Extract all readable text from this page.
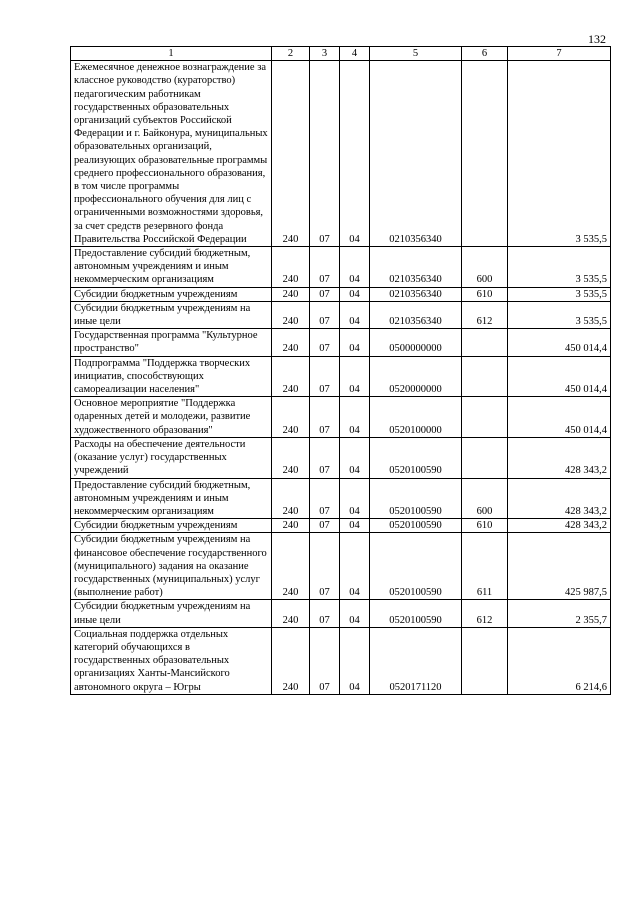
132
1	2	3	4	5	6	7
Ежемесячное денежное вознаграждение за классное руководство (кураторство) педагогическим работникам государственных образовательных организаций субъектов Российской Федерации и г. Байконура, муниципальных образовательных организаций, реализующих образовательные программы среднего профессионального образования, в том числе программы профессионального обучения для лиц с ограниченными возможностями здоровья, за счет средств резервного фонда Правительства Российской Федерации	240	07	04	0210356340		3 535,5
Предоставление субсидий бюджетным, автономным учреждениям и иным некоммерческим организациям	240	07	04	0210356340	600	3 535,5
Субсидии бюджетным учреждениям	240	07	04	0210356340	610	3 535,5
Субсидии бюджетным учреждениям на иные цели	240	07	04	0210356340	612	3 535,5
Государственная программа "Культурное пространство"	240	07	04	0500000000		450 014,4
Подпрограмма "Поддержка творческих инициатив, способствующих самореализации населения"	240	07	04	0520000000		450 014,4
Основное мероприятие "Поддержка одаренных детей и молодежи, развитие художественного образования"	240	07	04	0520100000		450 014,4
Расходы на обеспечение деятельности (оказание услуг) государственных учреждений	240	07	04	0520100590		428 343,2
Предоставление субсидий бюджетным, автономным учреждениям и иным некоммерческим организациям	240	07	04	0520100590	600	428 343,2
Субсидии бюджетным учреждениям	240	07	04	0520100590	610	428 343,2
Субсидии бюджетным учреждениям на финансовое обеспечение государственного (муниципального) задания на оказание государственных (муниципальных) услуг (выполнение работ)	240	07	04	0520100590	611	425 987,5
Субсидии бюджетным учреждениям на иные цели	240	07	04	0520100590	612	2 355,7
Социальная поддержка отдельных категорий обучающихся в государственных образовательных организациях Ханты-Мансийского автономного округа – Югры	240	07	04	0520171120		6 214,6
